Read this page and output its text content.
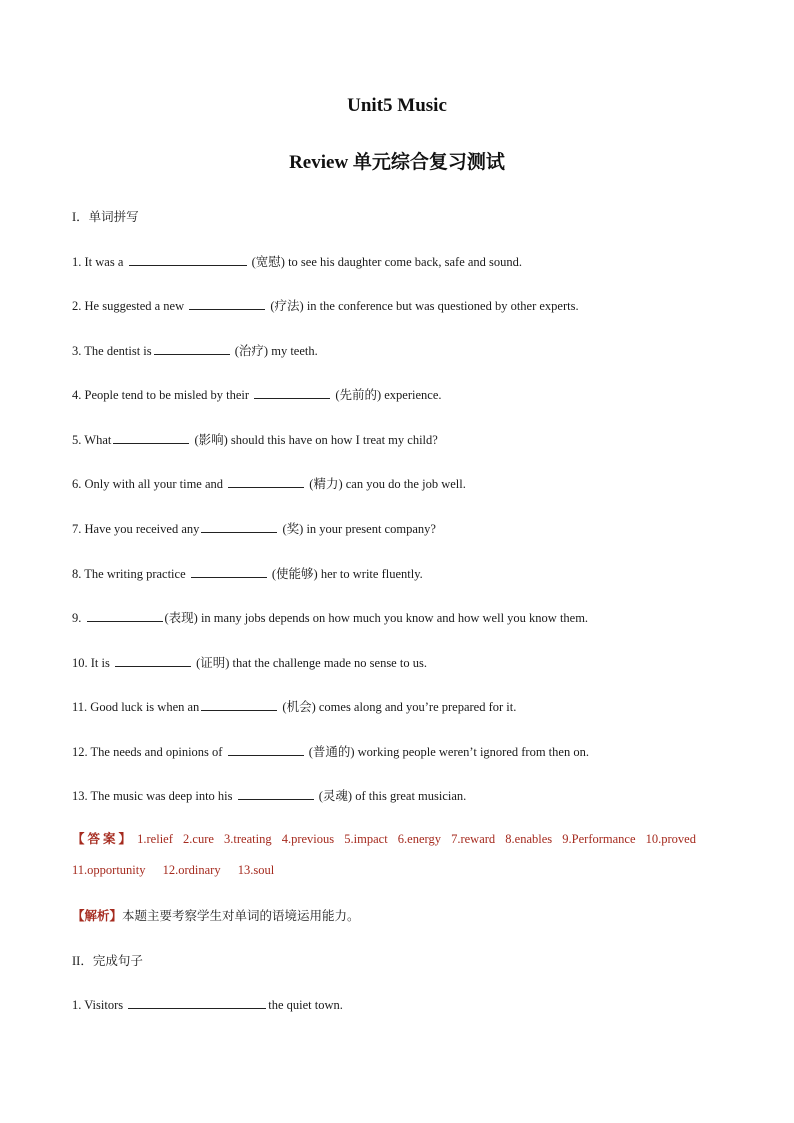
Unit5 Music
Review 单元综合复习测试
I．单词拼写
1. It was a	(宽慰) to see his daughter come back, safe and sound.
2. He suggested a new	(疗法) in the conference but was questioned by other experts.
3. The dentist is	(治疗) my teeth.
4. People tend to be misled by their	(先前的) experience.
5. What	(影响) should this have on how I treat my child?
6. Only with all your time and	(精力) can you do the job well.
7. Have you received any	(奖) in your present company?
8. The writing practice	(使能够) her to write fluently.
9.	(表现) in many jobs depends on how much you know and how well you know them.
10. It is	(证明) that the challenge made no sense to us.
11. Good luck is when an	(机会) comes along and you’re prepared for it.
12. The needs and opinions of	(普通的) working people weren’t ignored from then on.
13. The music was deep into his	(灵魂) of this great musician.
【答案】 1.relief 2.cure 3.treating 4.previous 5.impact 6.energy 7.reward 8.enables 9.Performance 10.proved 11.opportunity 12.ordinary 13.soul
【解析】本题主要考察学生对单词的语境运用能力。
II．完成句子
1. Visitors	the quiet town.
